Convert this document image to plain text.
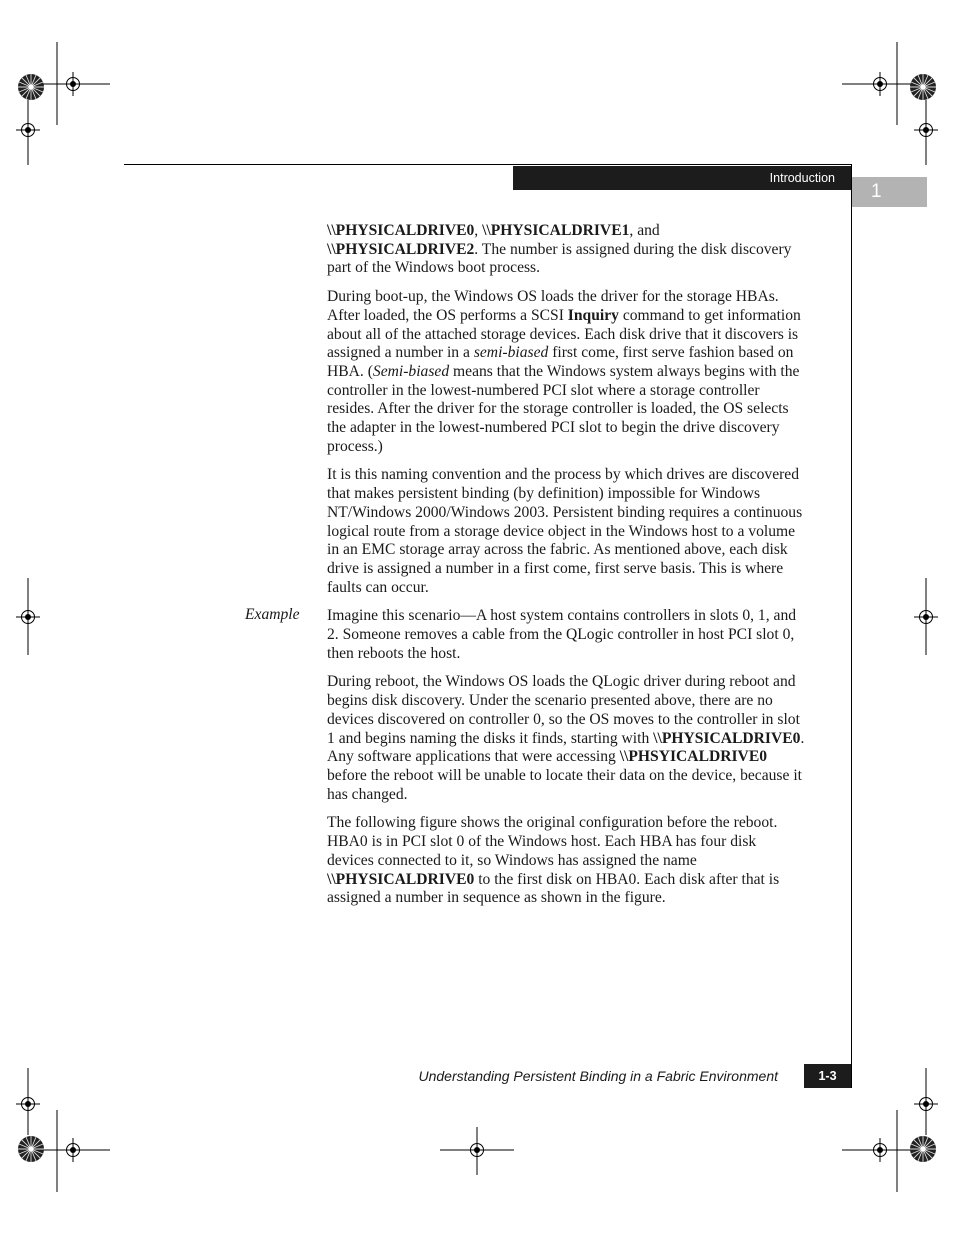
Introduction
1

\\PHYSICALDRIVE0, \\PHYSICALDRIVE1, and \\PHYSICALDRIVE2. The number is assigned during the disk discovery part of the Windows boot process.

During boot-up, the Windows OS loads the driver for the storage HBAs. After loaded, the OS performs a SCSI Inquiry command to get information about all of the attached storage devices. Each disk drive that it discovers is assigned a number in a semi-biased first come, first serve fashion based on HBA. (Semi-biased means that the Windows system always begins with the controller in the lowest-numbered PCI slot where a storage controller resides. After the driver for the storage controller is loaded, the OS selects the adapter in the lowest-numbered PCI slot to begin the drive discovery process.)

It is this naming convention and the process by which drives are discovered that makes persistent binding (by definition) impossible for Windows NT/Windows 2000/Windows 2003. Persistent binding requires a continuous logical route from a storage device object in the Windows host to a volume in an EMC storage array across the fabric. As mentioned above, each disk drive is assigned a number in a first come, first serve basis. This is where faults can occur.

Imagine this scenario—A host system contains controllers in slots 0, 1, and 2. Someone removes a cable from the QLogic controller in host PCI slot 0, then reboots the host.

During reboot, the Windows OS loads the QLogic driver during reboot and begins disk discovery. Under the scenario presented above, there are no devices discovered on controller 0, so the OS moves to the controller in slot 1 and begins naming the disks it finds, starting with \\PHYSICALDRIVE0. Any software applications that were accessing \\PHSYICALDRIVE0 before the reboot will be unable to locate their data on the device, because it has changed.

The following figure shows the original configuration before the reboot. HBA0 is in PCI slot 0 of the Windows host. Each HBA has four disk devices connected to it, so Windows has assigned the name \\PHYSICALDRIVE0 to the first disk on HBA0. Each disk after that is assigned a number in sequence as shown in the figure.

Example
Understanding Persistent Binding in a Fabric Environment	1-3
